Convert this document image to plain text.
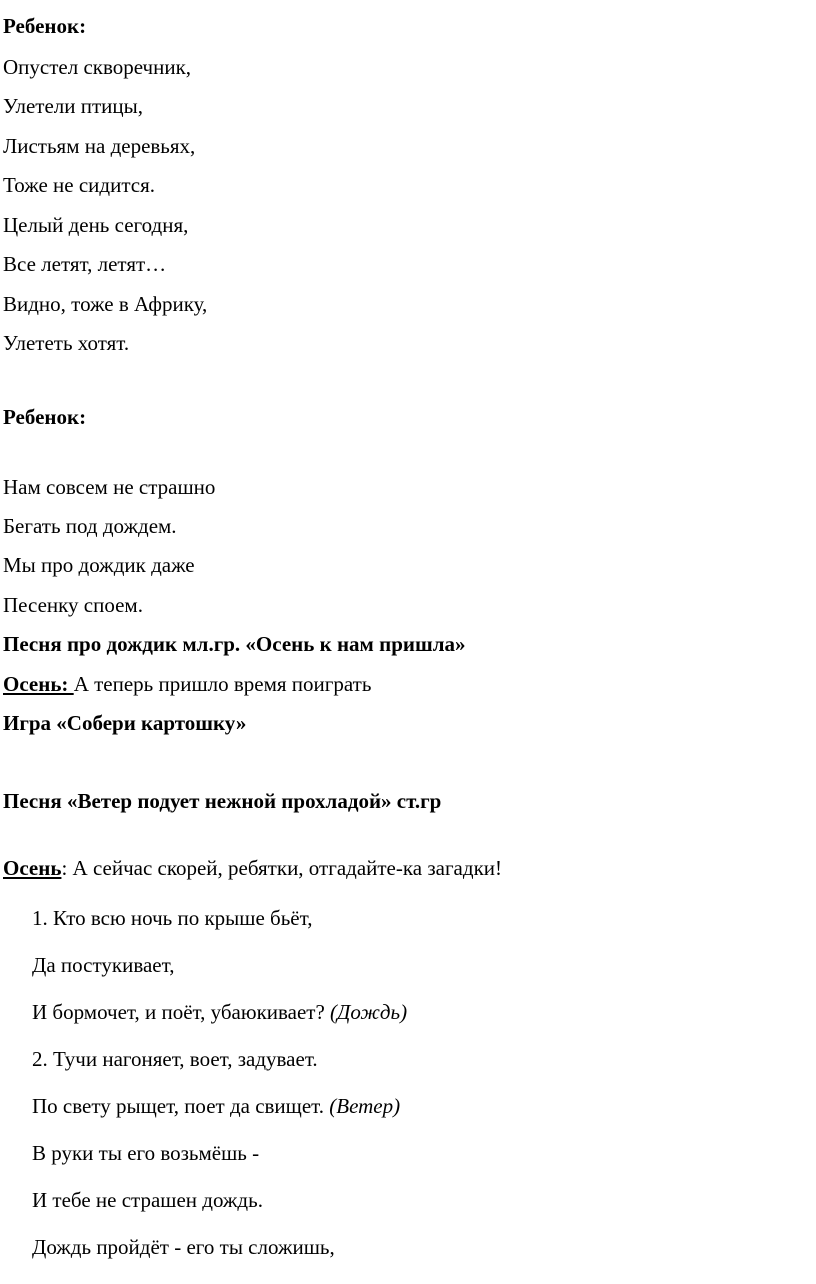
Ребенок:
Опустел скворечник,
Улетели птицы,
Листьям на деревьях,
Тоже не сидится.
Целый день сегодня,
Все летят, летят…
Видно, тоже в Африку,
Улететь хотят.
Ребенок:
Нам совсем не страшно
Бегать под дождем.
Мы про дождик даже
Песенку споем.
Песня про дождик мл.гр. «Осень к нам пришла»
Осень: А теперь пришло время поиграть
Игра «Собери картошку»
Песня «Ветер подует нежной прохладой» ст.гр
Осень: А сейчас скорей, ребятки, отгадайте-ка загадки!
1. Кто всю ночь по крыше бьёт,
Да постукивает,
И бормочет, и поёт, убаюкивает? (Дождь)
2. Тучи нагоняет, воет, задувает.
По свету рыщет, поет да свищет. (Ветер)
В руки ты его возьмёшь -
И тебе не страшен дождь.
Дождь пройдёт - его ты сложишь,
